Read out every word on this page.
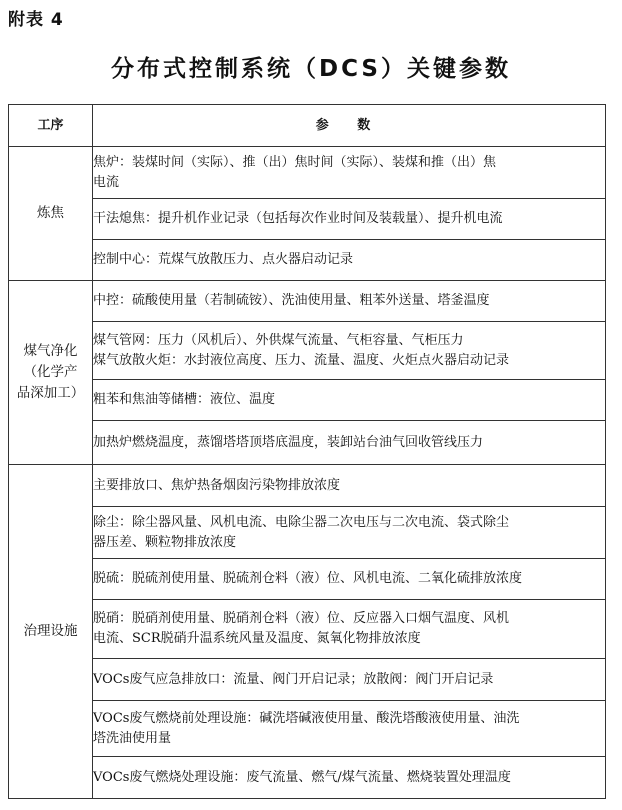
附表 4
分布式控制系统（DCS）关键参数
工序	参 数
炼焦	焦炉：装煤时间（实际）、推（出）焦时间（实际）、装煤和推（出）焦
电流

	干法熄焦：提升机作业记录（包括每次作业时间及装载量）、提升机电流

	控制中心：荒煤气放散压力、点火器启动记录

煤气净化
（化学产
品深加工）	中控：硫酸使用量（若制硫铵）、洗油使用量、粗苯外送量、塔釜温度

	煤气管网：压力（风机后）、外供煤气流量、气柜容量、气柜压力
煤气放散火炬：水封液位高度、压力、流量、温度、火炬点火器启动记录

	粗苯和焦油等储槽：液位、温度

	加热炉燃烧温度，蒸馏塔塔顶塔底温度，装卸站台油气回收管线压力

治理设施	主要排放口、焦炉热备烟囱污染物排放浓度

	除尘：除尘器风量、风机电流、电除尘器二次电压与二次电流、袋式除尘
器压差、颗粒物排放浓度

	脱硫：脱硫剂使用量、脱硫剂仓料（液）位、风机电流、二氧化硫排放浓度

	脱硝：脱硝剂使用量、脱硝剂仓料（液）位、反应器入口烟气温度、风机
电流、SCR脱硝升温系统风量及温度、氮氧化物排放浓度

	VOCs废气应急排放口：流量、阀门开启记录；放散阀：阀门开启记录

	VOCs废气燃烧前处理设施：碱洗塔碱液使用量、酸洗塔酸液使用量、油洗
塔洗油使用量

	VOCs废气燃烧处理设施：废气流量、燃气/煤气流量、燃烧装置处理温度
